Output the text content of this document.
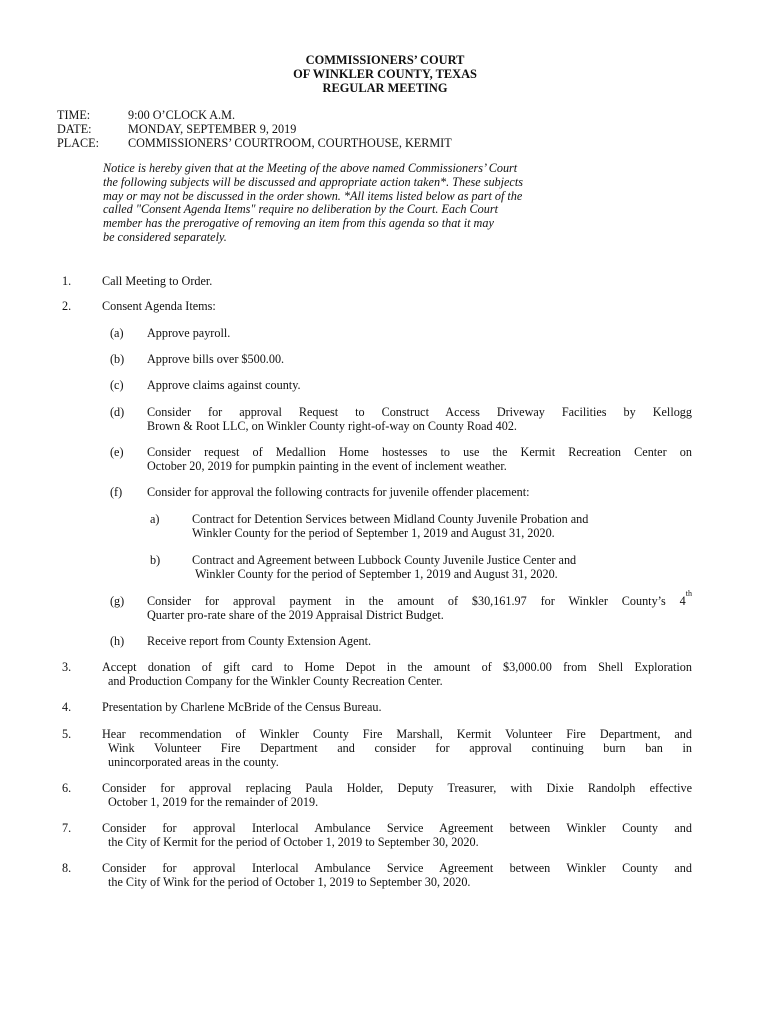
COMMISSIONERS’ COURT
OF WINKLER COUNTY, TEXAS
REGULAR MEETING
TIME:	9:00 O’CLOCK A.M.
DATE:	MONDAY, SEPTEMBER 9, 2019
PLACE:	COMMISSIONERS’ COURTROOM, COURTHOUSE, KERMIT

Notice is hereby given that at the Meeting of the above named Commissioners’ Court

the following subjects will be discussed and appropriate action taken*. These subjects

may or may not be discussed in the order shown. *All items listed below as part of the

called "Consent Agenda Items" require no deliberation by the Court. Each Court

member has the prerogative of removing an item from this agenda so that it may

be considered separately.

1.	Call Meeting to Order.
2.	Consent Agenda Items:
(a) Approve payroll.
(b) Approve bills over $500.00.
(c) Approve claims against county.
(d) Consider for approval Request to Construct Access Driveway Facilities by Kellogg
Brown & Root LLC, on Winkler County right-of-way on County Road 402.
(e) Consider request of Medallion Home hostesses to use the Kermit Recreation Center on
October 20, 2019 for pumpkin painting in the event of inclement weather.
(f) Consider for approval the following contracts for juvenile offender placement:
a)	Contract for Detention Services between Midland County Juvenile Probation and
Winkler County for the period of September 1, 2019 and August 31, 2020.
b)	Contract and Agreement between Lubbock County Juvenile Justice Center and
Winkler County for the period of September 1, 2019 and August 31, 2020.
(g) Consider for approval payment in the amount of $30,161.97 for Winkler County’s 4
th
Quarter pro-rate share of the 2019 Appraisal District Budget.
(h) Receive report from County Extension Agent.
3.	Accept donation of gift card to Home Depot in the amount of $3,000.00 from Shell Exploration
and Production Company for the Winkler County Recreation Center.
4.	Presentation by Charlene McBride of the Census Bureau.
5.	Hear recommendation of Winkler County Fire Marshall, Kermit Volunteer Fire Department, and
Wink Volunteer Fire Department and consider for approval continuing burn ban in
unincorporated areas in the county.
6.	Consider for approval replacing Paula Holder, Deputy Treasurer, with Dixie Randolph effective
October 1, 2019 for the remainder of 2019.
7.	Consider for approval Interlocal Ambulance Service Agreement between Winkler County and
the City of Kermit for the period of October 1, 2019 to September 30, 2020.
8.	Consider for approval Interlocal Ambulance Service Agreement between Winkler County and
the City of Wink for the period of October 1, 2019 to September 30, 2020.
